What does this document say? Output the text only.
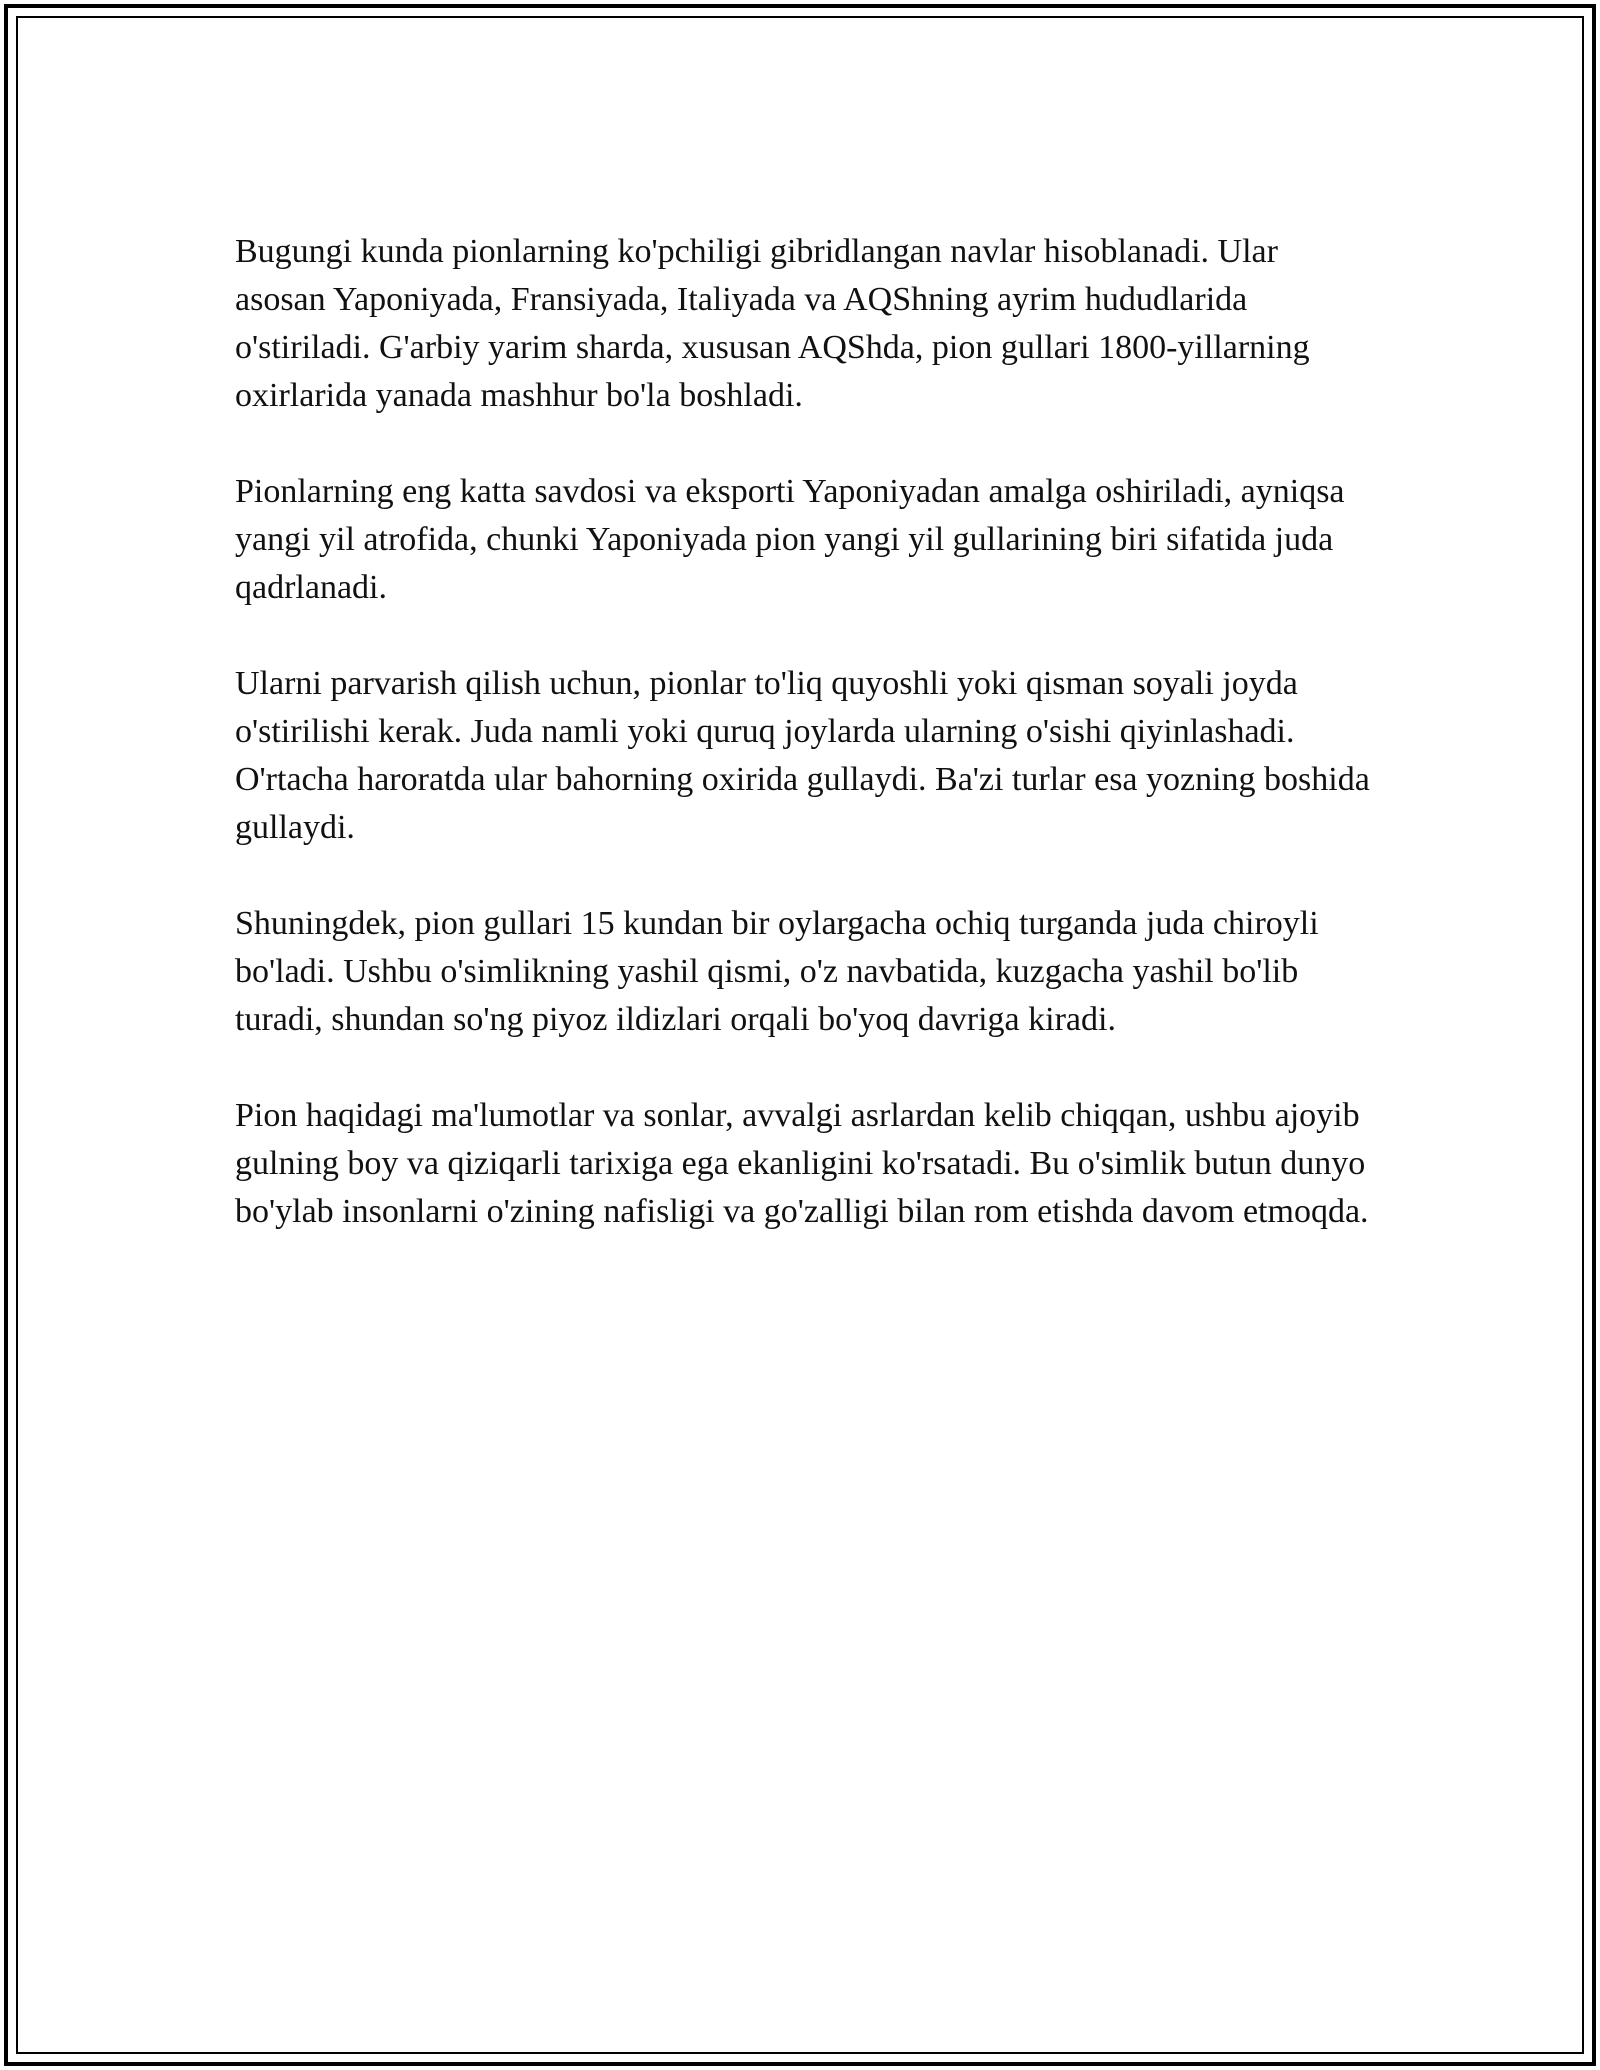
Bugungi kunda pionlarning ko'pchiligi gibridlangan navlar hisoblanadi. Ular asosan Yaponiyada, Fransiyada, Italiyada va AQShning ayrim hududlarida o'stiriladi. G'arbiy yarim sharda, xususan AQShda, pion gullari 1800-yillarning oxirlarida yanada mashhur bo'la boshladi.

Pionlarning eng katta savdosi va eksporti Yaponiyadan amalga oshiriladi, ayniqsa yangi yil atrofida, chunki Yaponiyada pion yangi yil gullarining biri sifatida juda qadrlanadi.

Ularni parvarish qilish uchun, pionlar to'liq quyoshli yoki qisman soyali joyda o'stirilishi kerak. Juda namli yoki quruq joylarda ularning o'sishi qiyinlashadi. O'rtacha haroratda ular bahorning oxirida gullaydi. Ba'zi turlar esa yozning boshida gullaydi.

Shuningdek, pion gullari 15 kundan bir oylargacha ochiq turganda juda chiroyli bo'ladi. Ushbu o'simlikning yashil qismi, o'z navbatida, kuzgacha yashil bo'lib turadi, shundan so'ng piyoz ildizlari orqali bo'yoq davriga kiradi.

Pion haqidagi ma'lumotlar va sonlar, avvalgi asrlardan kelib chiqqan, ushbu ajoyib gulning boy va qiziqarli tarixiga ega ekanligini ko'rsatadi. Bu o'simlik butun dunyo bo'ylab insonlarni o'zining nafisligi va go'zalligi bilan rom etishda davom etmoqda.
